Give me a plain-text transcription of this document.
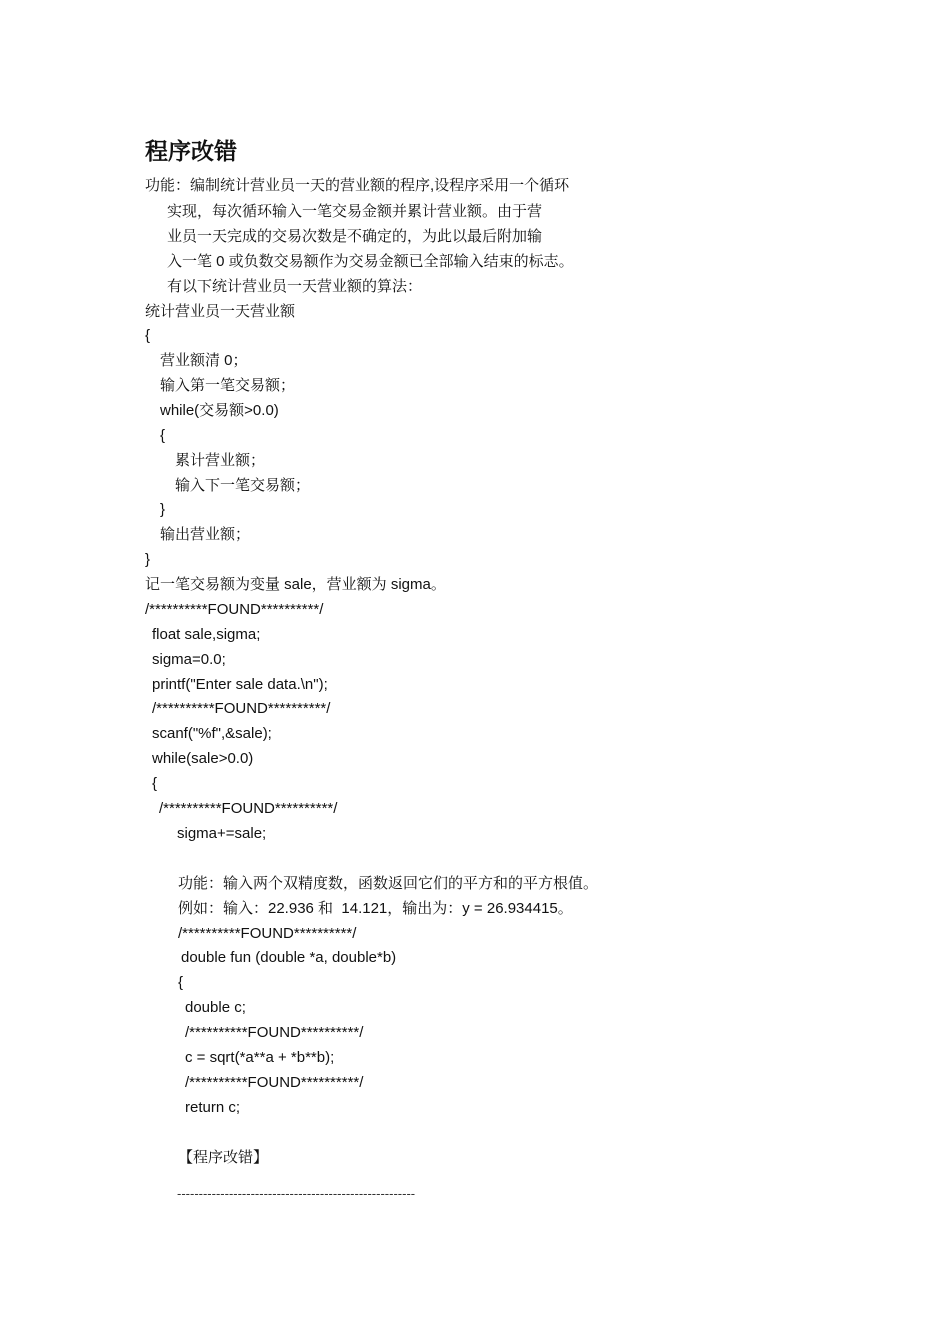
程序改错

功能：编制统计营业员一天的营业额的程序,设程序采用一个循环

实现，每次循环输入一笔交易金额并累计营业额。由于营

业员一天完成的交易次数是不确定的，为此以最后附加输

入一笔 0 或负数交易额作为交易金额已全部输入结束的标志。

有以下统计营业员一天营业额的算法：

统计营业员一天营业额

{

营业额清 0；

输入第一笔交易额；

while(交易额>0.0)

{

累计营业额；

输入下一笔交易额；

}

输出营业额；

}

记一笔交易额为变量 sale，营业额为 sigma。

/**********FOUND**********/

float sale,sigma;

sigma=0.0;

printf("Enter sale data.\n");

/**********FOUND**********/

scanf("%f",&sale);

while(sale>0.0)

{

/**********FOUND**********/

sigma+=sale;

功能：输入两个双精度数，函数返回它们的平方和的平方根值。

例如：输入：22.936 和  14.121，输出为：y = 26.934415。

/**********FOUND**********/

double fun (double *a, double*b)

{

double c;

/**********FOUND**********/

c = sqrt(*a**a + *b**b);

/**********FOUND**********/

return c;

【程序改错】

-------------------------------------------------------
